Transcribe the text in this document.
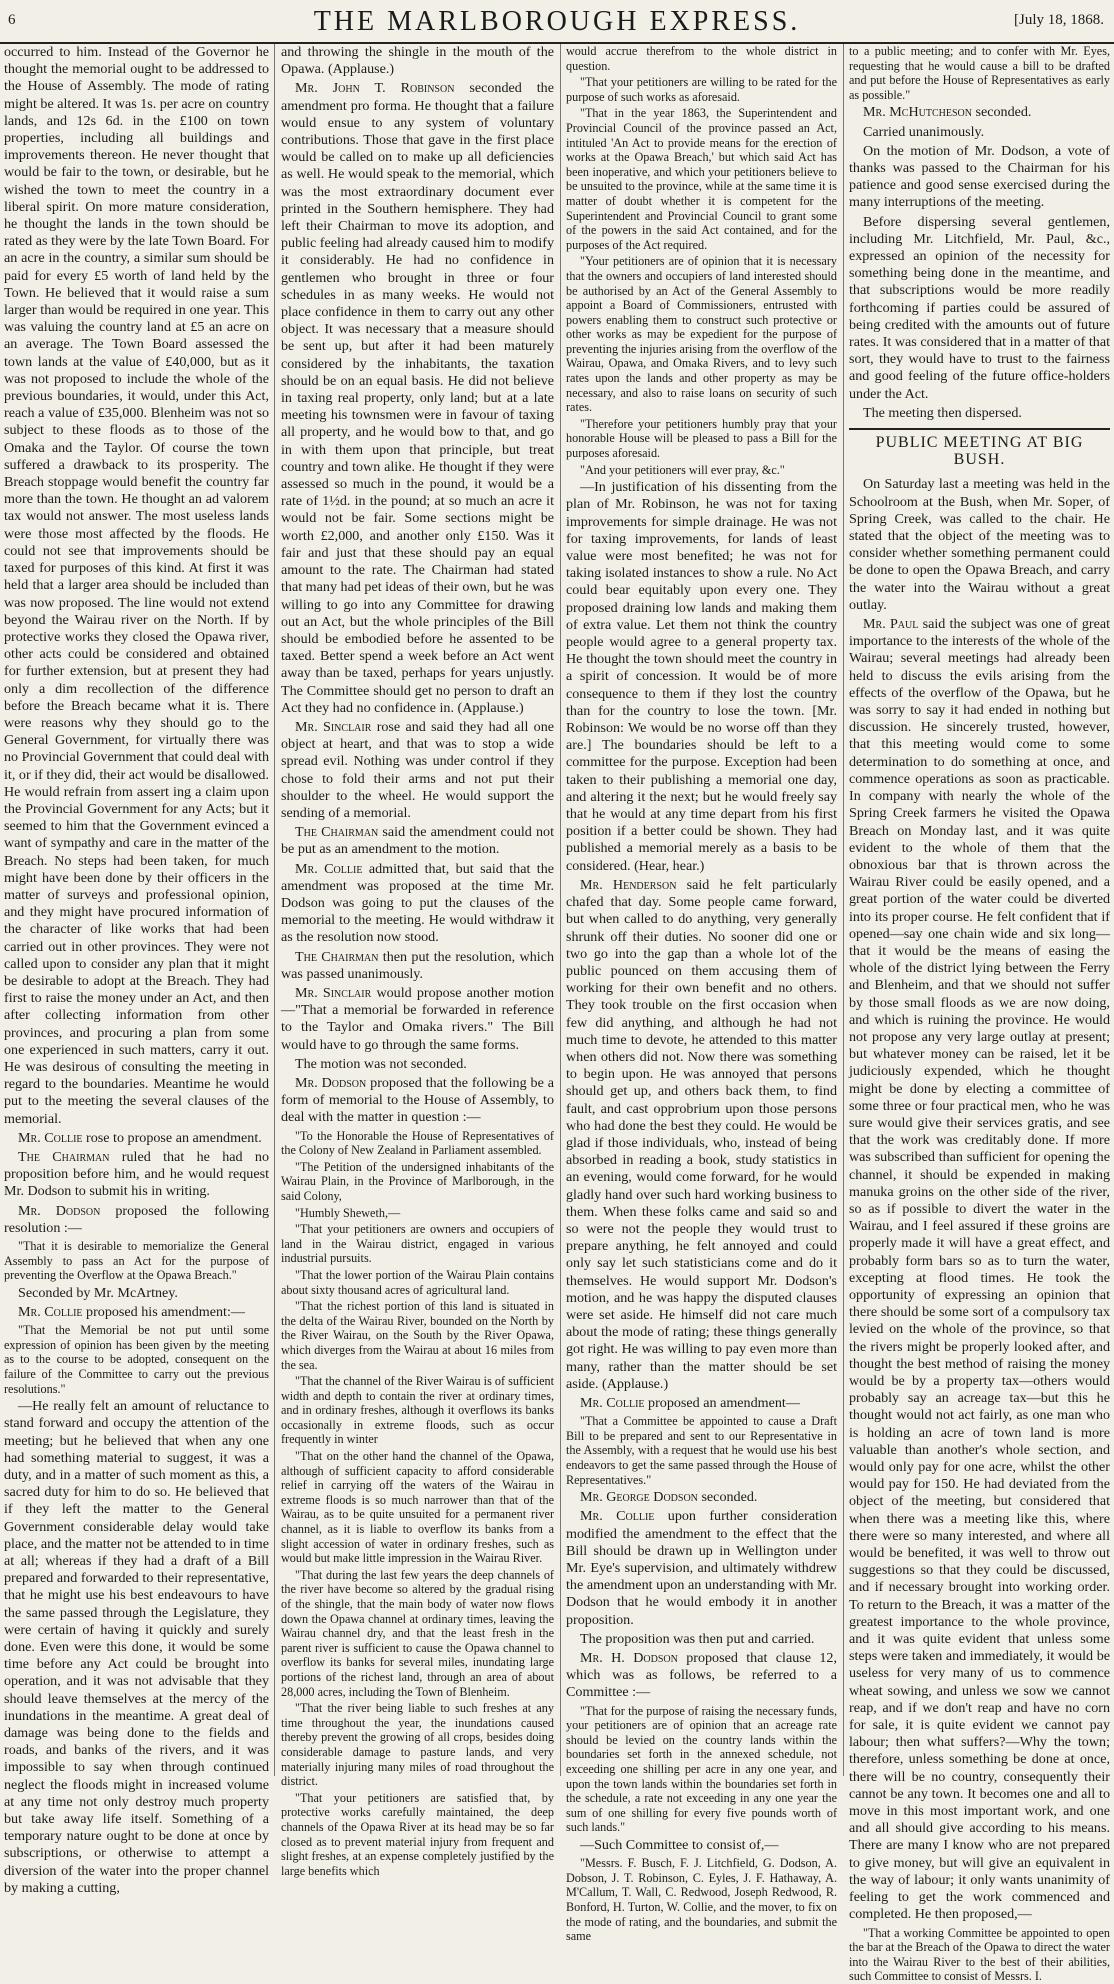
6	THE MARLBOROUGH EXPRESS.	[July 18, 1868.

occurred to him. Instead of the Governor he thought the memorial ought to be addressed to the House of Assembly. The mode of rating might be altered. It was 1s. per acre on country lands, and 12s 6d. in the £100 on town properties, including all buildings and improvements thereon. He never thought that would be fair to the town, or desirable, but he wished the town to meet the country in a liberal spirit. On more mature consideration, he thought the lands in the town should be rated as they were by the late Town Board. For an acre in the country, a similar sum should be paid for every £5 worth of land held by the Town. He believed that it would raise a sum larger than would be required in one year. This was valuing the country land at £5 an acre on an average. The Town Board assessed the town lands at the value of £40,000, but as it was not proposed to include the whole of the previous boundaries, it would, under this Act, reach a value of £35,000. Blenheim was not so subject to these floods as to those of the Omaka and the Taylor. Of course the town suffered a drawback to its prosperity. The Breach stoppage would benefit the country far more than the town. He thought an ad valorem tax would not answer. The most useless lands were those most affected by the floods. He could not see that improvements should be taxed for purposes of this kind. At first it was held that a larger area should be included than was now proposed. The line would not extend beyond the Wairau river on the North. If by protective works they closed the Opawa river, other acts could be considered and obtained for further extension, but at present they had only a dim recollection of the difference before the Breach became what it is. There were reasons why they should go to the General Government, for virtually there was no Provincial Government that could deal with it, or if they did, their act would be disallowed. He would refrain from assert ing a claim upon the Provincial Government for any Acts; but it seemed to him that the Government evinced a want of sympathy and care in the matter of the Breach. No steps had been taken, for much might have been done by their officers in the matter of surveys and professional opinion, and they might have procured information of the character of like works that had been carried out in other provinces. They were not called upon to consider any plan that it might be desirable to adopt at the Breach. They had first to raise the money under an Act, and then after collecting information from other provinces, and procuring a plan from some one experienced in such matters, carry it out. He was desirous of consulting the meeting in regard to the boundaries. Meantime he would put to the meeting the several clauses of the memorial.

Mr. Collie rose to propose an amendment.

The Chairman ruled that he had no proposition before him, and he would request Mr. Dodson to submit his in writing.

Mr. Dodson proposed the following resolution :—

"That it is desirable to memorialize the General Assembly to pass an Act for the purpose of preventing the Overflow at the Opawa Breach."

Seconded by Mr. McArtney.

Mr. Collie proposed his amendment:—

"That the Memorial be not put until some expression of opinion has been given by the meeting as to the course to be adopted, consequent on the failure of the Committee to carry out the previous resolutions."

—He really felt an amount of reluctance to stand forward and occupy the attention of the meeting; but he believed that when any one had something material to suggest, it was a duty, and in a matter of such moment as this, a sacred duty for him to do so. He believed that if they left the matter to the General Government considerable delay would take place, and the matter not be attended to in time at all; whereas if they had a draft of a Bill prepared and forwarded to their representative, that he might use his best endeavours to have the same passed through the Legislature, they were certain of having it quickly and surely done. Even were this done, it would be some time before any Act could be brought into operation, and it was not advisable that they should leave themselves at the mercy of the inundations in the meantime. A great deal of damage was being done to the fields and roads, and banks of the rivers, and it was impossible to say when through continued neglect the floods might in increased volume at any time not only destroy much property but take away life itself. Something of a temporary nature ought to be done at once by subscriptions, or otherwise to attempt a diversion of the water into the proper channel by making a cutting,

and throwing the shingle in the mouth of the Opawa. (Applause.)

Mr. John T. Robinson seconded the amendment pro forma. He thought that a failure would ensue to any system of voluntary contributions. Those that gave in the first place would be called on to make up all deficiencies as well. He would speak to the memorial, which was the most extraordinary document ever printed in the Southern hemisphere. They had left their Chairman to move its adoption, and public feeling had already caused him to modify it considerably. He had no confidence in gentlemen who brought in three or four schedules in as many weeks. He would not place confidence in them to carry out any other object. It was necessary that a measure should be sent up, but after it had been maturely considered by the inhabitants, the taxation should be on an equal basis. He did not believe in taxing real property, only land; but at a late meeting his townsmen were in favour of taxing all property, and he would bow to that, and go in with them upon that principle, but treat country and town alike. He thought if they were assessed so much in the pound, it would be a rate of 1½d. in the pound; at so much an acre it would not be fair. Some sections might be worth £2,000, and another only £150. Was it fair and just that these should pay an equal amount to the rate. The Chairman had stated that many had pet ideas of their own, but he was willing to go into any Committee for drawing out an Act, but the whole principles of the Bill should be embodied before he assented to be taxed. Better spend a week before an Act went away than be taxed, perhaps for years unjustly. The Committee should get no person to draft an Act they had no confidence in. (Applause.)

Mr. Sinclair rose and said they had all one object at heart, and that was to stop a wide spread evil. Nothing was under control if they chose to fold their arms and not put their shoulder to the wheel. He would support the sending of a memorial.

The Chairman said the amendment could not be put as an amendment to the motion.

Mr. Collie admitted that, but said that the amendment was proposed at the time Mr. Dodson was going to put the clauses of the memorial to the meeting. He would withdraw it as the resolution now stood.

The Chairman then put the resolution, which was passed unanimously.

Mr. Sinclair would propose another motion—"That a memorial be forwarded in reference to the Taylor and Omaka rivers." The Bill would have to go through the same forms.

The motion was not seconded.

Mr. Dodson proposed that the following be a form of memorial to the House of Assembly, to deal with the matter in question :—

"To the Honorable the House of Representatives of the Colony of New Zealand in Parliament assembled.

"The Petition of the undersigned inhabitants of the Wairau Plain, in the Province of Marlborough, in the said Colony,

"Humbly Sheweth,—

"That your petitioners are owners and occupiers of land in the Wairau district, engaged in various industrial pursuits.

"That the lower portion of the Wairau Plain contains about sixty thousand acres of agricultural land.

"That the richest portion of this land is situated in the delta of the Wairau River, bounded on the North by the River Wairau, on the South by the River Opawa, which diverges from the Wairau at about 16 miles from the sea.

"That the channel of the River Wairau is of sufficient width and depth to contain the river at ordinary times, and in ordinary freshes, although it overflows its banks occasionally in extreme floods, such as occur frequently in winter

"That on the other hand the channel of the Opawa, although of sufficient capacity to afford considerable relief in carrying off the waters of the Wairau in extreme floods is so much narrower than that of the Wairau, as to be quite unsuited for a permanent river channel, as it is liable to overflow its banks from a slight accession of water in ordinary freshes, such as would but make little impression in the Wairau River.

"That during the last few years the deep channels of the river have become so altered by the gradual rising of the shingle, that the main body of water now flows down the Opawa channel at ordinary times, leaving the Wairau channel dry, and that the least fresh in the parent river is sufficient to cause the Opawa channel to overflow its banks for several miles, inundating large portions of the richest land, through an area of about 28,000 acres, including the Town of Blenheim.

"That the river being liable to such freshes at any time throughout the year, the inundations caused thereby prevent the growing of all crops, besides doing considerable damage to pasture lands, and very materially injuring many miles of road throughout the district.

"That your petitioners are satisfied that, by protective works carefully maintained, the deep channels of the Opawa River at its head may be so far closed as to prevent material injury from frequent and slight freshes, at an expense completely justified by the large benefits which

would accrue therefrom to the whole district in question.

"That your petitioners are willing to be rated for the purpose of such works as aforesaid.

"That in the year 1863, the Superintendent and Provincial Council of the province passed an Act, intituled 'An Act to provide means for the erection of works at the Opawa Breach,' but which said Act has been inoperative, and which your petitioners believe to be unsuited to the province, while at the same time it is matter of doubt whether it is competent for the Superintendent and Provincial Council to grant some of the powers in the said Act contained, and for the purposes of the Act required.

"Your petitioners are of opinion that it is necessary that the owners and occupiers of land interested should be authorised by an Act of the General Assembly to appoint a Board of Commissioners, entrusted with powers enabling them to construct such protective or other works as may be expedient for the purpose of preventing the injuries arising from the overflow of the Wairau, Opawa, and Omaka Rivers, and to levy such rates upon the lands and other property as may be necessary, and also to raise loans on security of such rates.

"Therefore your petitioners humbly pray that your honorable House will be pleased to pass a Bill for the purposes aforesaid.

"And your petitioners will ever pray, &c."

—In justification of his dissenting from the plan of Mr. Robinson, he was not for taxing improvements for simple drainage. He was not for taxing improvements, for lands of least value were most benefited; he was not for taking isolated instances to show a rule. No Act could bear equitably upon every one. They proposed draining low lands and making them of extra value. Let them not think the country people would agree to a general property tax. He thought the town should meet the country in a spirit of concession. It would be of more consequence to them if they lost the country than for the country to lose the town. [Mr. Robinson: We would be no worse off than they are.] The boundaries should be left to a committee for the purpose. Exception had been taken to their publishing a memorial one day, and altering it the next; but he would freely say that he would at any time depart from his first position if a better could be shown. They had published a memorial merely as a basis to be considered. (Hear, hear.)

Mr. Henderson said he felt particularly chafed that day. Some people came forward, but when called to do anything, very generally shrunk off their duties. No sooner did one or two go into the gap than a whole lot of the public pounced on them accusing them of working for their own benefit and no others. They took trouble on the first occasion when few did anything, and although he had not much time to devote, he attended to this matter when others did not. Now there was something to begin upon. He was annoyed that persons should get up, and others back them, to find fault, and cast opprobrium upon those persons who had done the best they could. He would be glad if those individuals, who, instead of being absorbed in reading a book, study statistics in an evening, would come forward, for he would gladly hand over such hard working business to them. When these folks came and said so and so were not the people they would trust to prepare anything, he felt annoyed and could only say let such statisticians come and do it themselves. He would support Mr. Dodson's motion, and he was happy the disputed clauses were set aside. He himself did not care much about the mode of rating; these things generally got right. He was willing to pay even more than many, rather than the matter should be set aside. (Applause.)

Mr. Collie proposed an amendment—

"That a Committee be appointed to cause a Draft Bill to be prepared and sent to our Representative in the Assembly, with a request that he would use his best endeavors to get the same passed through the House of Representatives."

Mr. George Dodson seconded.

Mr. Collie upon further consideration modified the amendment to the effect that the Bill should be drawn up in Wellington under Mr. Eye's supervision, and ultimately withdrew the amendment upon an understanding with Mr. Dodson that he would embody it in another proposition.

The proposition was then put and carried.

Mr. H. Dodson proposed that clause 12, which was as follows, be referred to a Committee :—

"That for the purpose of raising the necessary funds, your petitioners are of opinion that an acreage rate should be levied on the country lands within the boundaries set forth in the annexed schedule, not exceeding one shilling per acre in any one year, and upon the town lands within the boundaries set forth in the schedule, a rate not exceeding in any one year the sum of one shilling for every five pounds worth of such lands."

—Such Committee to consist of,—

"Messrs. F. Busch, F. J. Litchfield, G. Dodson, A. Dobson, J. T. Robinson, C. Eyles, J. F. Hathaway, A. M'Callum, T. Wall, C. Redwood, Joseph Redwood, R. Bonford, H. Turton, W. Collie, and the mover, to fix on the mode of rating, and the boundaries, and submit the same

to a public meeting; and to confer with Mr. Eyes, requesting that he would cause a bill to be drafted and put before the House of Representatives as early as possible."

Mr. McHutcheson seconded.

Carried unanimously.

On the motion of Mr. Dodson, a vote of thanks was passed to the Chairman for his patience and good sense exercised during the many interruptions of the meeting.

Before dispersing several gentlemen, including Mr. Litchfield, Mr. Paul, &c., expressed an opinion of the necessity for something being done in the meantime, and that subscriptions would be more readily forthcoming if parties could be assured of being credited with the amounts out of future rates. It was considered that in a matter of that sort, they would have to trust to the fairness and good feeling of the future office-holders under the Act.

The meeting then dispersed.

PUBLIC MEETING AT BIG BUSH.

On Saturday last a meeting was held in the Schoolroom at the Bush, when Mr. Soper, of Spring Creek, was called to the chair. He stated that the object of the meeting was to consider whether something permanent could be done to open the Opawa Breach, and carry the water into the Wairau without a great outlay.

Mr. Paul said the subject was one of great importance to the interests of the whole of the Wairau; several meetings had already been held to discuss the evils arising from the effects of the overflow of the Opawa, but he was sorry to say it had ended in nothing but discussion. He sincerely trusted, however, that this meeting would come to some determination to do something at once, and commence operations as soon as practicable. In company with nearly the whole of the Spring Creek farmers he visited the Opawa Breach on Monday last, and it was quite evident to the whole of them that the obnoxious bar that is thrown across the Wairau River could be easily opened, and a great portion of the water could be diverted into its proper course. He felt confident that if opened—say one chain wide and six long—that it would be the means of easing the whole of the district lying between the Ferry and Blenheim, and that we should not suffer by those small floods as we are now doing, and which is ruining the province. He would not propose any very large outlay at present; but whatever money can be raised, let it be judiciously expended, which he thought might be done by electing a committee of some three or four practical men, who he was sure would give their services gratis, and see that the work was creditably done. If more was subscribed than sufficient for opening the channel, it should be expended in making manuka groins on the other side of the river, so as if possible to divert the water in the Wairau, and I feel assured if these groins are properly made it will have a great effect, and probably form bars so as to turn the water, excepting at flood times. He took the opportunity of expressing an opinion that there should be some sort of a compulsory tax levied on the whole of the province, so that the rivers might be properly looked after, and thought the best method of raising the money would be by a property tax—others would probably say an acreage tax—but this he thought would not act fairly, as one man who is holding an acre of town land is more valuable than another's whole section, and would only pay for one acre, whilst the other would pay for 150. He had deviated from the object of the meeting, but considered that when there was a meeting like this, where there were so many interested, and where all would be benefited, it was well to throw out suggestions so that they could be discussed, and if necessary brought into working order. To return to the Breach, it was a matter of the greatest importance to the whole province, and it was quite evident that unless some steps were taken and immediately, it would be useless for very many of us to commence wheat sowing, and unless we sow we cannot reap, and if we don't reap and have no corn for sale, it is quite evident we cannot pay labour; then what suffers?—Why the town; therefore, unless something be done at once, there will be no country, consequently their cannot be any town. It becomes one and all to move in this most important work, and one and all should give according to his means. There are many I know who are not prepared to give money, but will give an equivalent in the way of labour; it only wants unanimity of feeling to get the work commenced and completed. He then proposed,—

"That a working Committee be appointed to open the bar at the Breach of the Opawa to direct the water into the Wairau River to the best of their abilities, such Committee to consist of Messrs. I.
